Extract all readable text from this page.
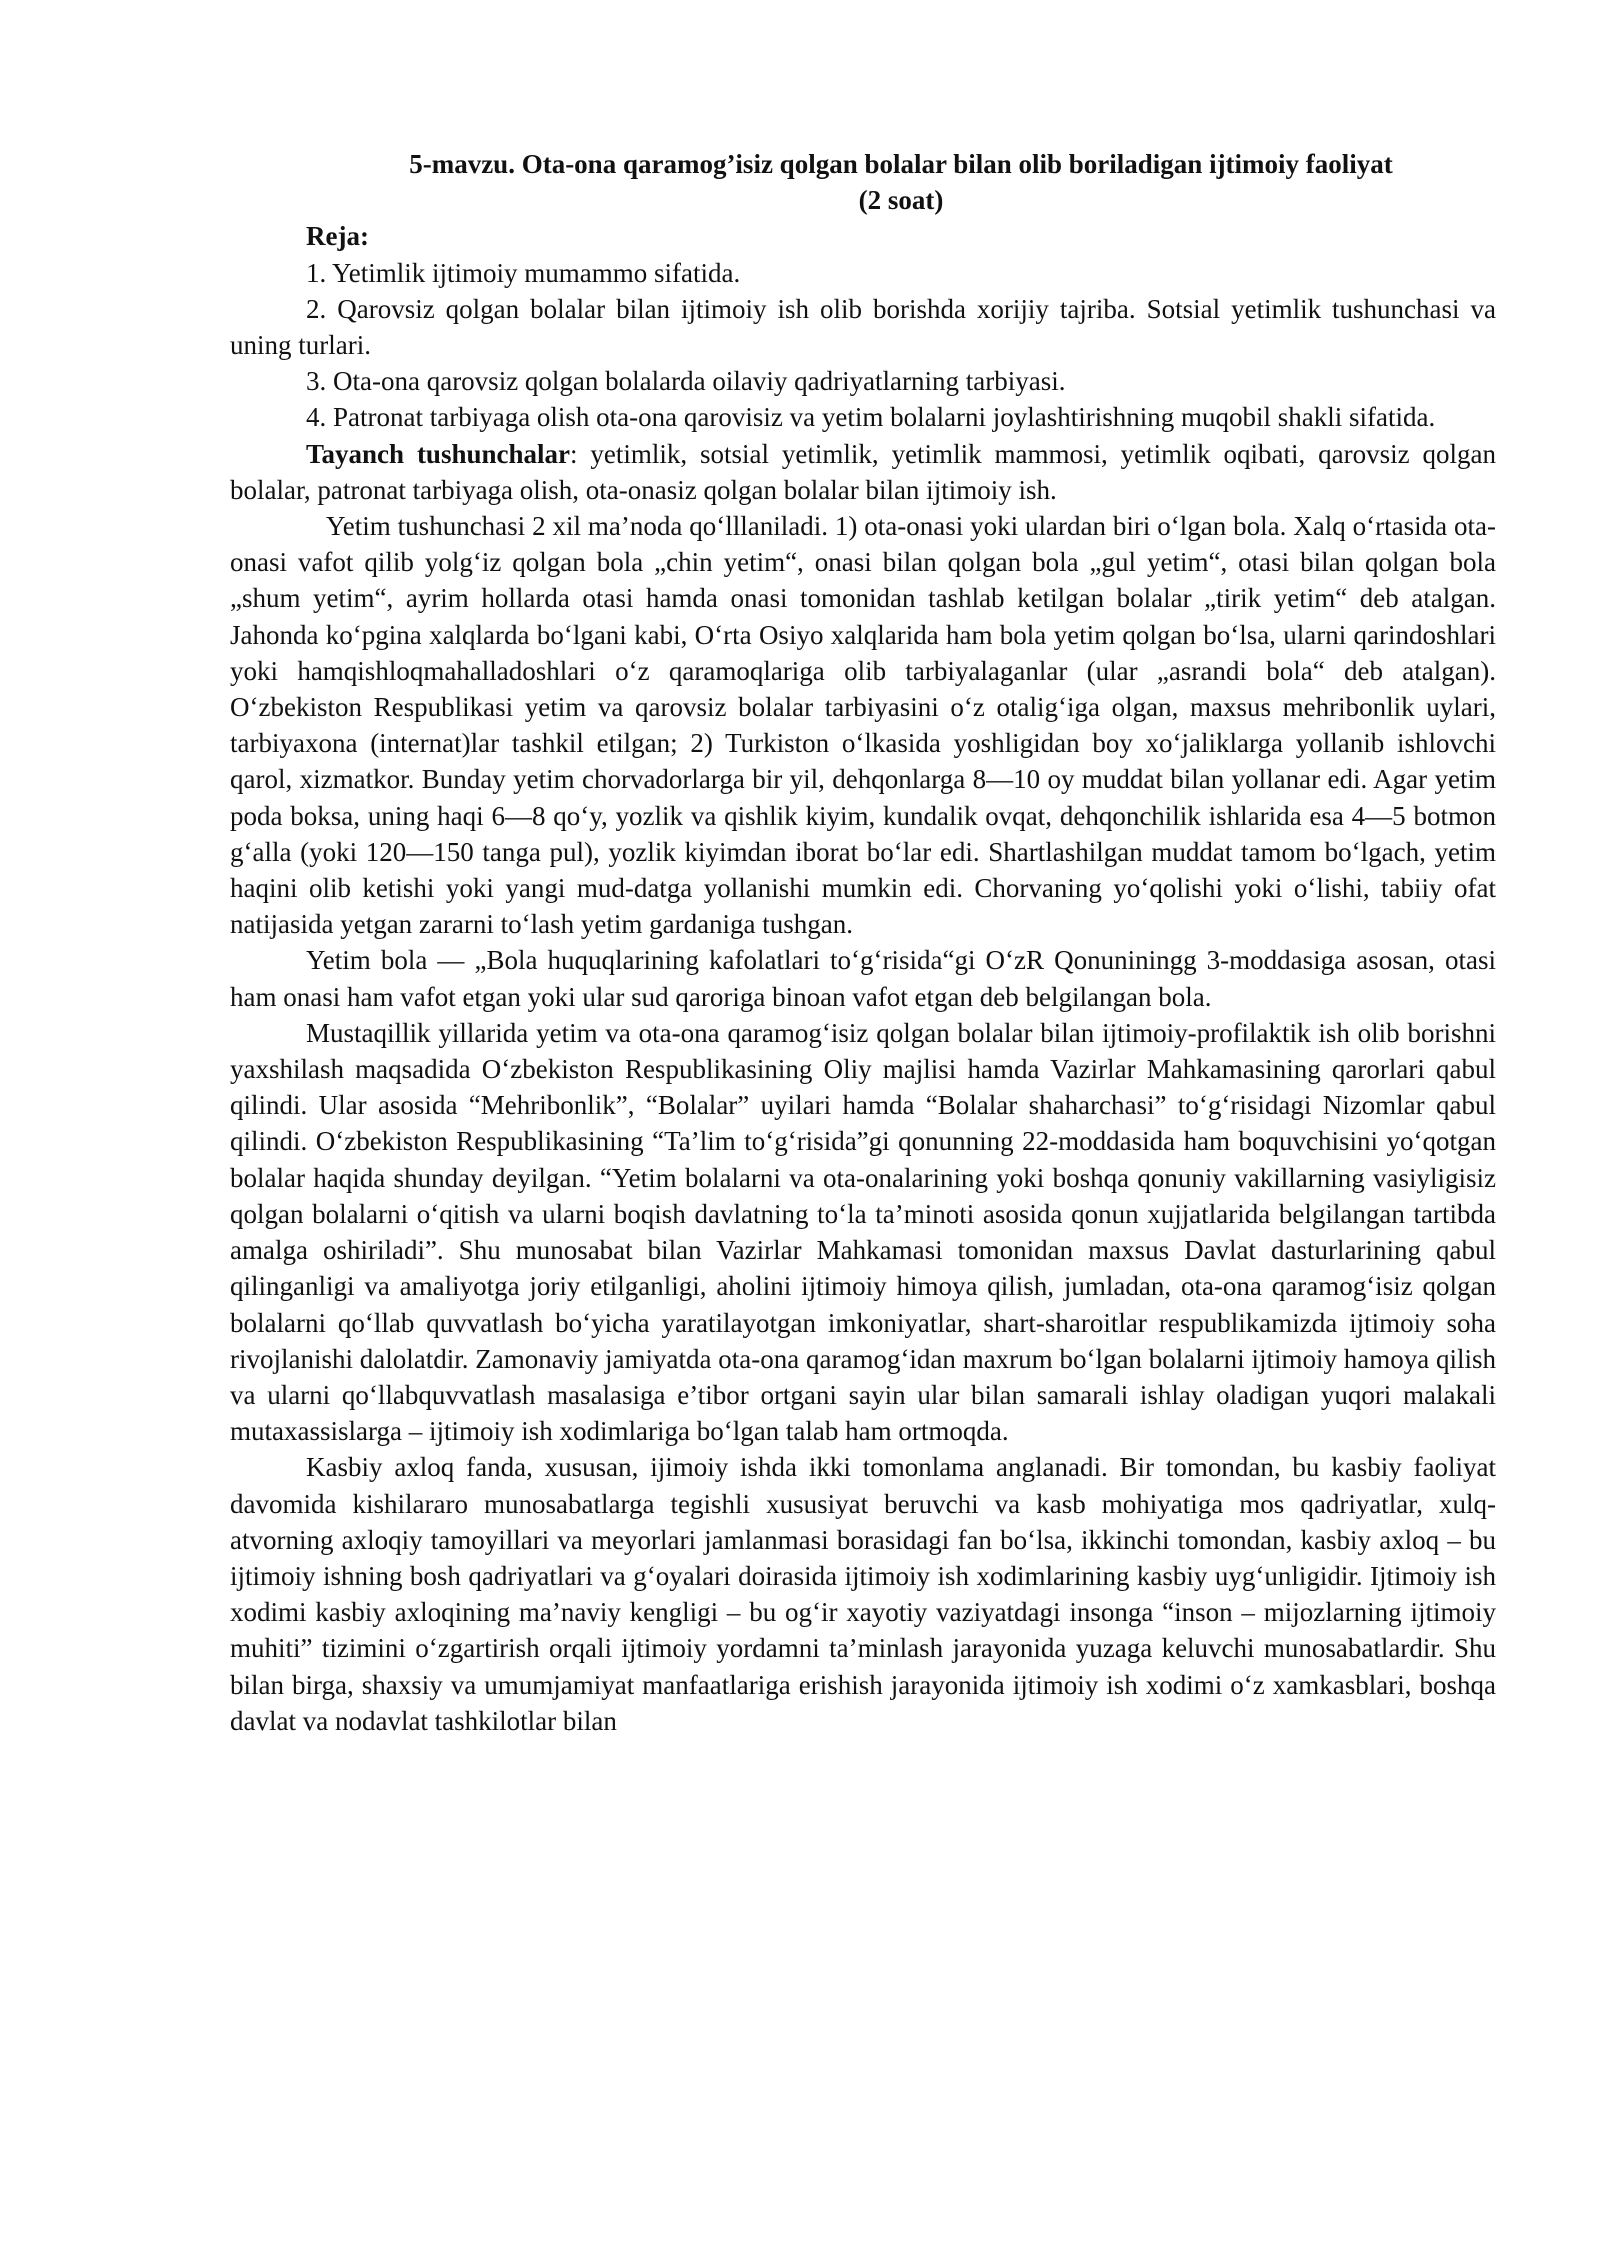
5-mavzu. Ota-ona qaramog’isiz qolgan bolalar bilan olib boriladigan ijtimoiy faoliyat
(2 soat)
Reja:

1. Yetimlik ijtimoiy mumammo sifatida.

2. Qarovsiz qolgan bolalar bilan ijtimoiy ish olib borishda xorijiy tajriba. Sotsial yetimlik tushunchasi va uning turlari.

3. Ota-ona qarovsiz qolgan bolalarda oilaviy qadriyatlarning tarbiyasi.

4. Patronat tarbiyaga olish ota-ona qarovisiz va yetim bolalarni joylashtirishning muqobil shakli sifatida.

Tayanch tushunchalar: yetimlik, sotsial yetimlik, yetimlik mammosi, yetimlik oqibati, qarovsiz qolgan bolalar, patronat tarbiyaga olish, ota-onasiz qolgan bolalar bilan ijtimoiy ish.

Yetim tushunchasi 2 xil ma’noda qo‘lllaniladi. 1) ota-onasi yoki ulardan biri o‘lgan bola. Xalq o‘rtasida ota-onasi vafot qilib yolg‘iz qolgan bola „chin yetim“, onasi bilan qolgan bola „gul yetim“, otasi bilan qolgan bola „shum yetim“, ayrim hollarda otasi hamda onasi tomonidan tashlab ketilgan bolalar „tirik yetim“ deb atalgan. Jahonda ko‘pgina xalqlarda bo‘lgani kabi, O‘rta Osiyo xalqlarida ham bola yetim qolgan bo‘lsa, ularni qarindoshlari yoki hamqishloqmahalladoshlari o‘z qaramoqlariga olib tarbiyalaganlar (ular „asrandi bola“ deb atalgan). O‘zbekiston Respublikasi yetim va qarovsiz bolalar tarbiyasini o‘z otalig‘iga olgan, maxsus mehribonlik uylari, tarbiyaxona (internat)lar tashkil etilgan; 2) Turkiston o‘lkasida yoshligidan boy xo‘jaliklarga yollanib ishlovchi qarol, xizmatkor. Bunday yetim chorvadorlarga bir yil, dehqonlarga 8—10 oy muddat bilan yollanar edi. Agar yetim poda boksa, uning haqi 6—8 qo‘y, yozlik va qishlik kiyim, kundalik ovqat, dehqonchilik ishlarida esa 4—5 botmon g‘alla (yoki 120—150 tanga pul), yozlik kiyimdan iborat bo‘lar edi. Shartlashilgan muddat tamom bo‘lgach, yetim haqini olib ketishi yoki yangi mud-datga yollanishi mumkin edi. Chorvaning yo‘qolishi yoki o‘lishi, tabiiy ofat natijasida yetgan zararni to‘lash yetim gardaniga tushgan.

Yetim bola — „Bola huquqlarining kafolatlari to‘g‘risida“gi O‘zR Qonuniningg 3-moddasiga asosan, otasi ham onasi ham vafot etgan yoki ular sud qaroriga binoan vafot etgan deb belgilangan bola.

Mustaqillik yillarida yetim va ota-ona qaramog‘isiz qolgan bolalar bilan ijtimoiy-profilaktik ish olib borishni yaxshilash maqsadida O‘zbekiston Respublikasining Oliy majlisi hamda Vazirlar Mahkamasining qarorlari qabul qilindi. Ular asosida “Mehribonlik”, “Bolalar” uyilari hamda “Bolalar shaharchasi” to‘g‘risidagi Nizomlar qabul qilindi. O‘zbekiston Respublikasining “Ta’lim to‘g‘risida”gi qonunning 22-moddasida ham boquvchisini yo‘qotgan bolalar haqida shunday deyilgan. “Yetim bolalarni va ota-onalarining yoki boshqa qonuniy vakillarning vasiyligisiz qolgan bolalarni o‘qitish va ularni boqish davlatning to‘la ta’minoti asosida qonun xujjatlarida belgilangan tartibda amalga oshiriladi”. Shu munosabat bilan Vazirlar Mahkamasi tomonidan maxsus Davlat dasturlarining qabul qilinganligi va amaliyotga joriy etilganligi, aholini ijtimoiy himoya qilish, jumladan, ota-ona qaramog‘isiz qolgan bolalarni qo‘llab quvvatlash bo‘yicha yaratilayotgan imkoniyatlar, shart-sharoitlar respublikamizda ijtimoiy soha rivojlanishi dalolatdir. Zamonaviy jamiyatda ota-ona qaramog‘idan maxrum bo‘lgan bolalarni ijtimoiy hamoya qilish va ularni qo‘llabquvvatlash masalasiga e’tibor ortgani sayin ular bilan samarali ishlay oladigan yuqori malakali mutaxassislarga – ijtimoiy ish xodimlariga bo‘lgan talab ham ortmoqda.

Kasbiy axloq fanda, xususan, ijimoiy ishda ikki tomonlama anglanadi. Bir tomondan, bu kasbiy faoliyat davomida kishilararo munosabatlarga tegishli xususiyat beruvchi va kasb mohiyatiga mos qadriyatlar, xulq-atvorning axloqiy tamoyillari va meyorlari jamlanmasi borasidagi fan bo‘lsa, ikkinchi tomondan, kasbiy axloq – bu ijtimoiy ishning bosh qadriyatlari va g‘oyalari doirasida ijtimoiy ish xodimlarining kasbiy uyg‘unligidir. Ijtimoiy ish xodimi kasbiy axloqining ma’naviy kengligi – bu og‘ir xayotiy vaziyatdagi insonga “inson – mijozlarning ijtimoiy muhiti” tizimini o‘zgartirish orqali ijtimoiy yordamni ta’minlash jarayonida yuzaga keluvchi munosabatlardir. Shu bilan birga, shaxsiy va umumjamiyat manfaatlariga erishish jarayonida ijtimoiy ish xodimi o‘z xamkasblari, boshqa davlat va nodavlat tashkilotlar bilan
